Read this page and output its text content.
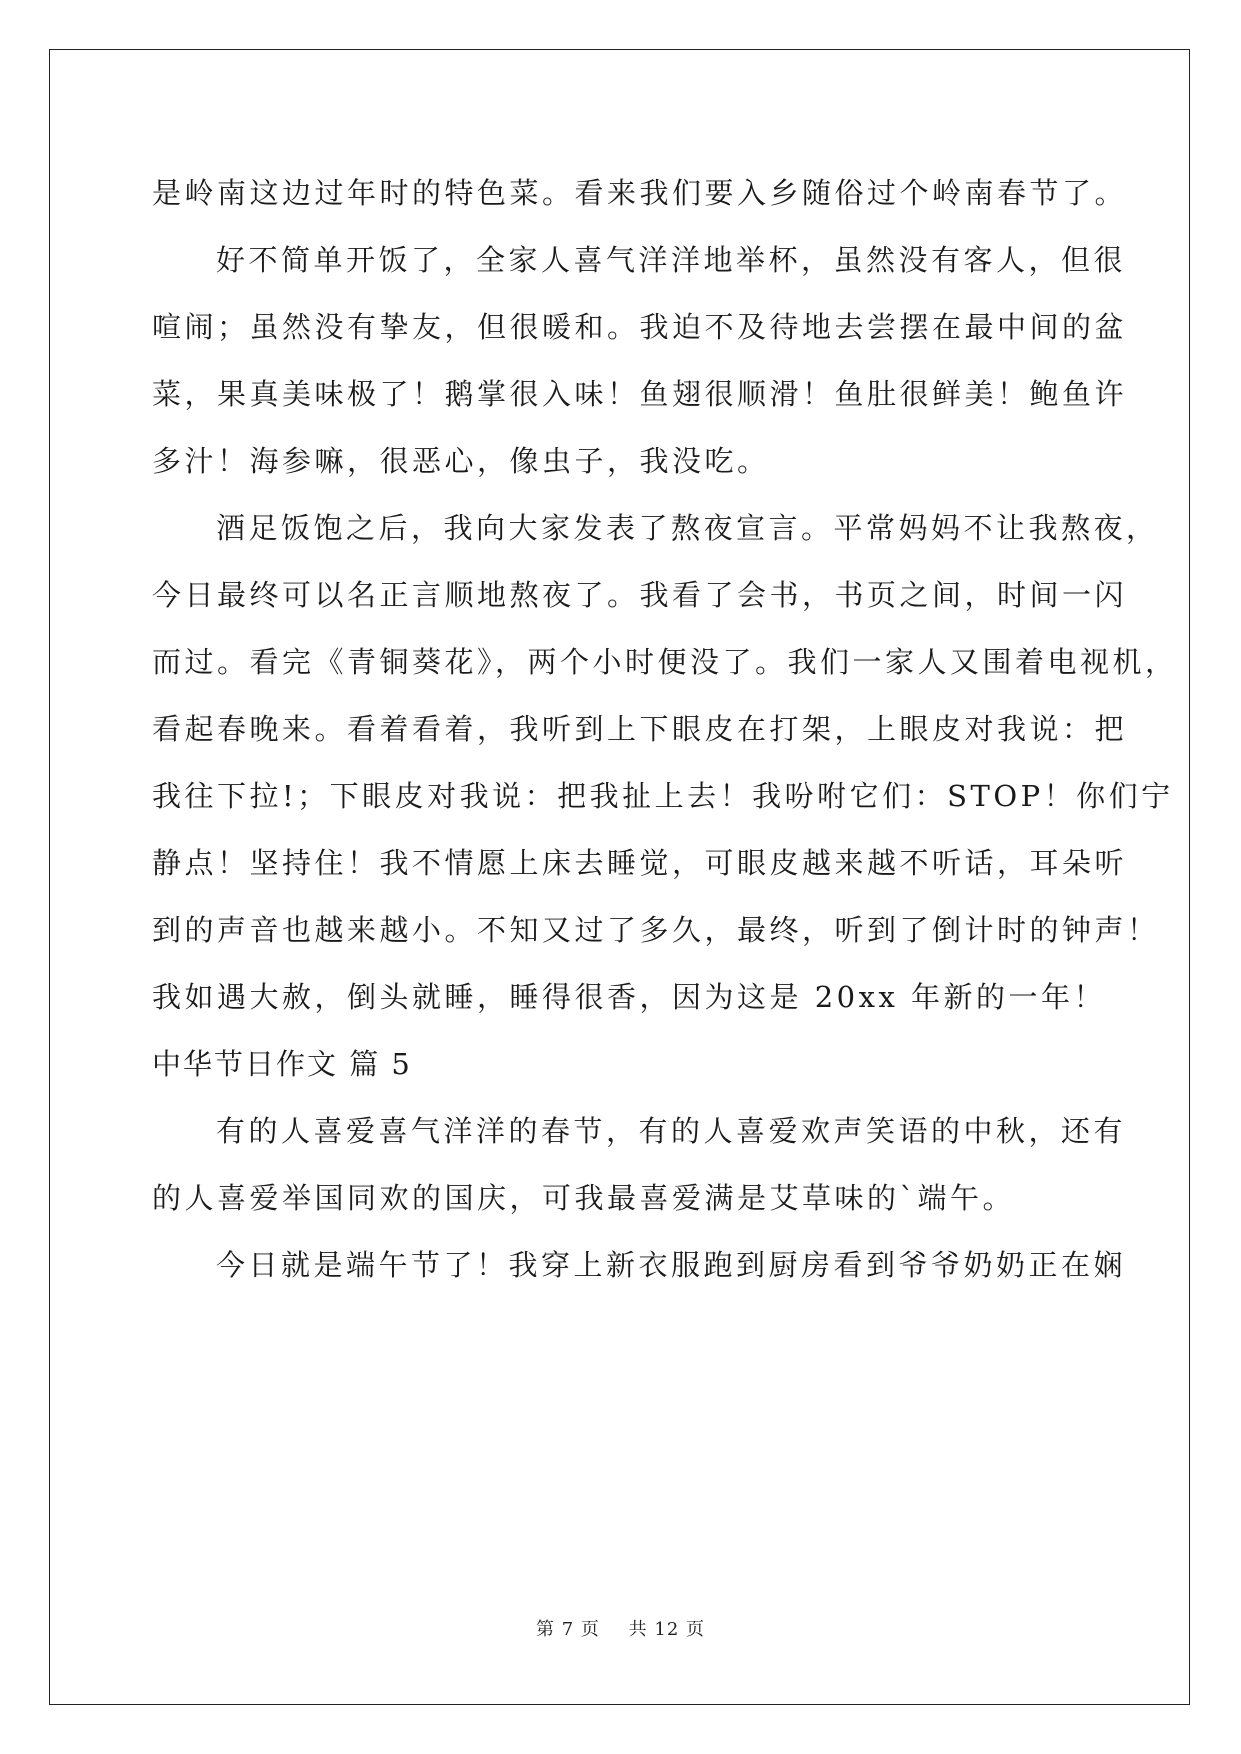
是岭南这边过年时的特色菜。看来我们要入乡随俗过个岭南春节了。
好不简单开饭了，全家人喜气洋洋地举杯，虽然没有客人，但很
喧闹；虽然没有挚友，但很暖和。我迫不及待地去尝摆在最中间的盆
菜，果真美味极了！鹅掌很入味！鱼翅很顺滑！鱼肚很鲜美！鲍鱼许
多汁！海参嘛，很恶心，像虫子，我没吃。
酒足饭饱之后，我向大家发表了熬夜宣言。平常妈妈不让我熬夜，
今日最终可以名正言顺地熬夜了。我看了会书，书页之间，时间一闪
而过。看完《青铜葵花》，两个小时便没了。我们一家人又围着电视机，
看起春晚来。看着看着，我听到上下眼皮在打架，上眼皮对我说：把
我往下拉!；下眼皮对我说：把我扯上去！我吩咐它们：STOP！你们宁
静点！坚持住！我不情愿上床去睡觉，可眼皮越来越不听话，耳朵听
到的声音也越来越小。不知又过了多久，最终，听到了倒计时的钟声！
我如遇大赦，倒头就睡，睡得很香，因为这是 20xx 年新的一年！
中华节日作文 篇 5
有的人喜爱喜气洋洋的春节，有的人喜爱欢声笑语的中秋，还有
的人喜爱举国同欢的国庆，可我最喜爱满是艾草味的`端午。
今日就是端午节了！我穿上新衣服跑到厨房看到爷爷奶奶正在娴
第 7 页 共 12 页
